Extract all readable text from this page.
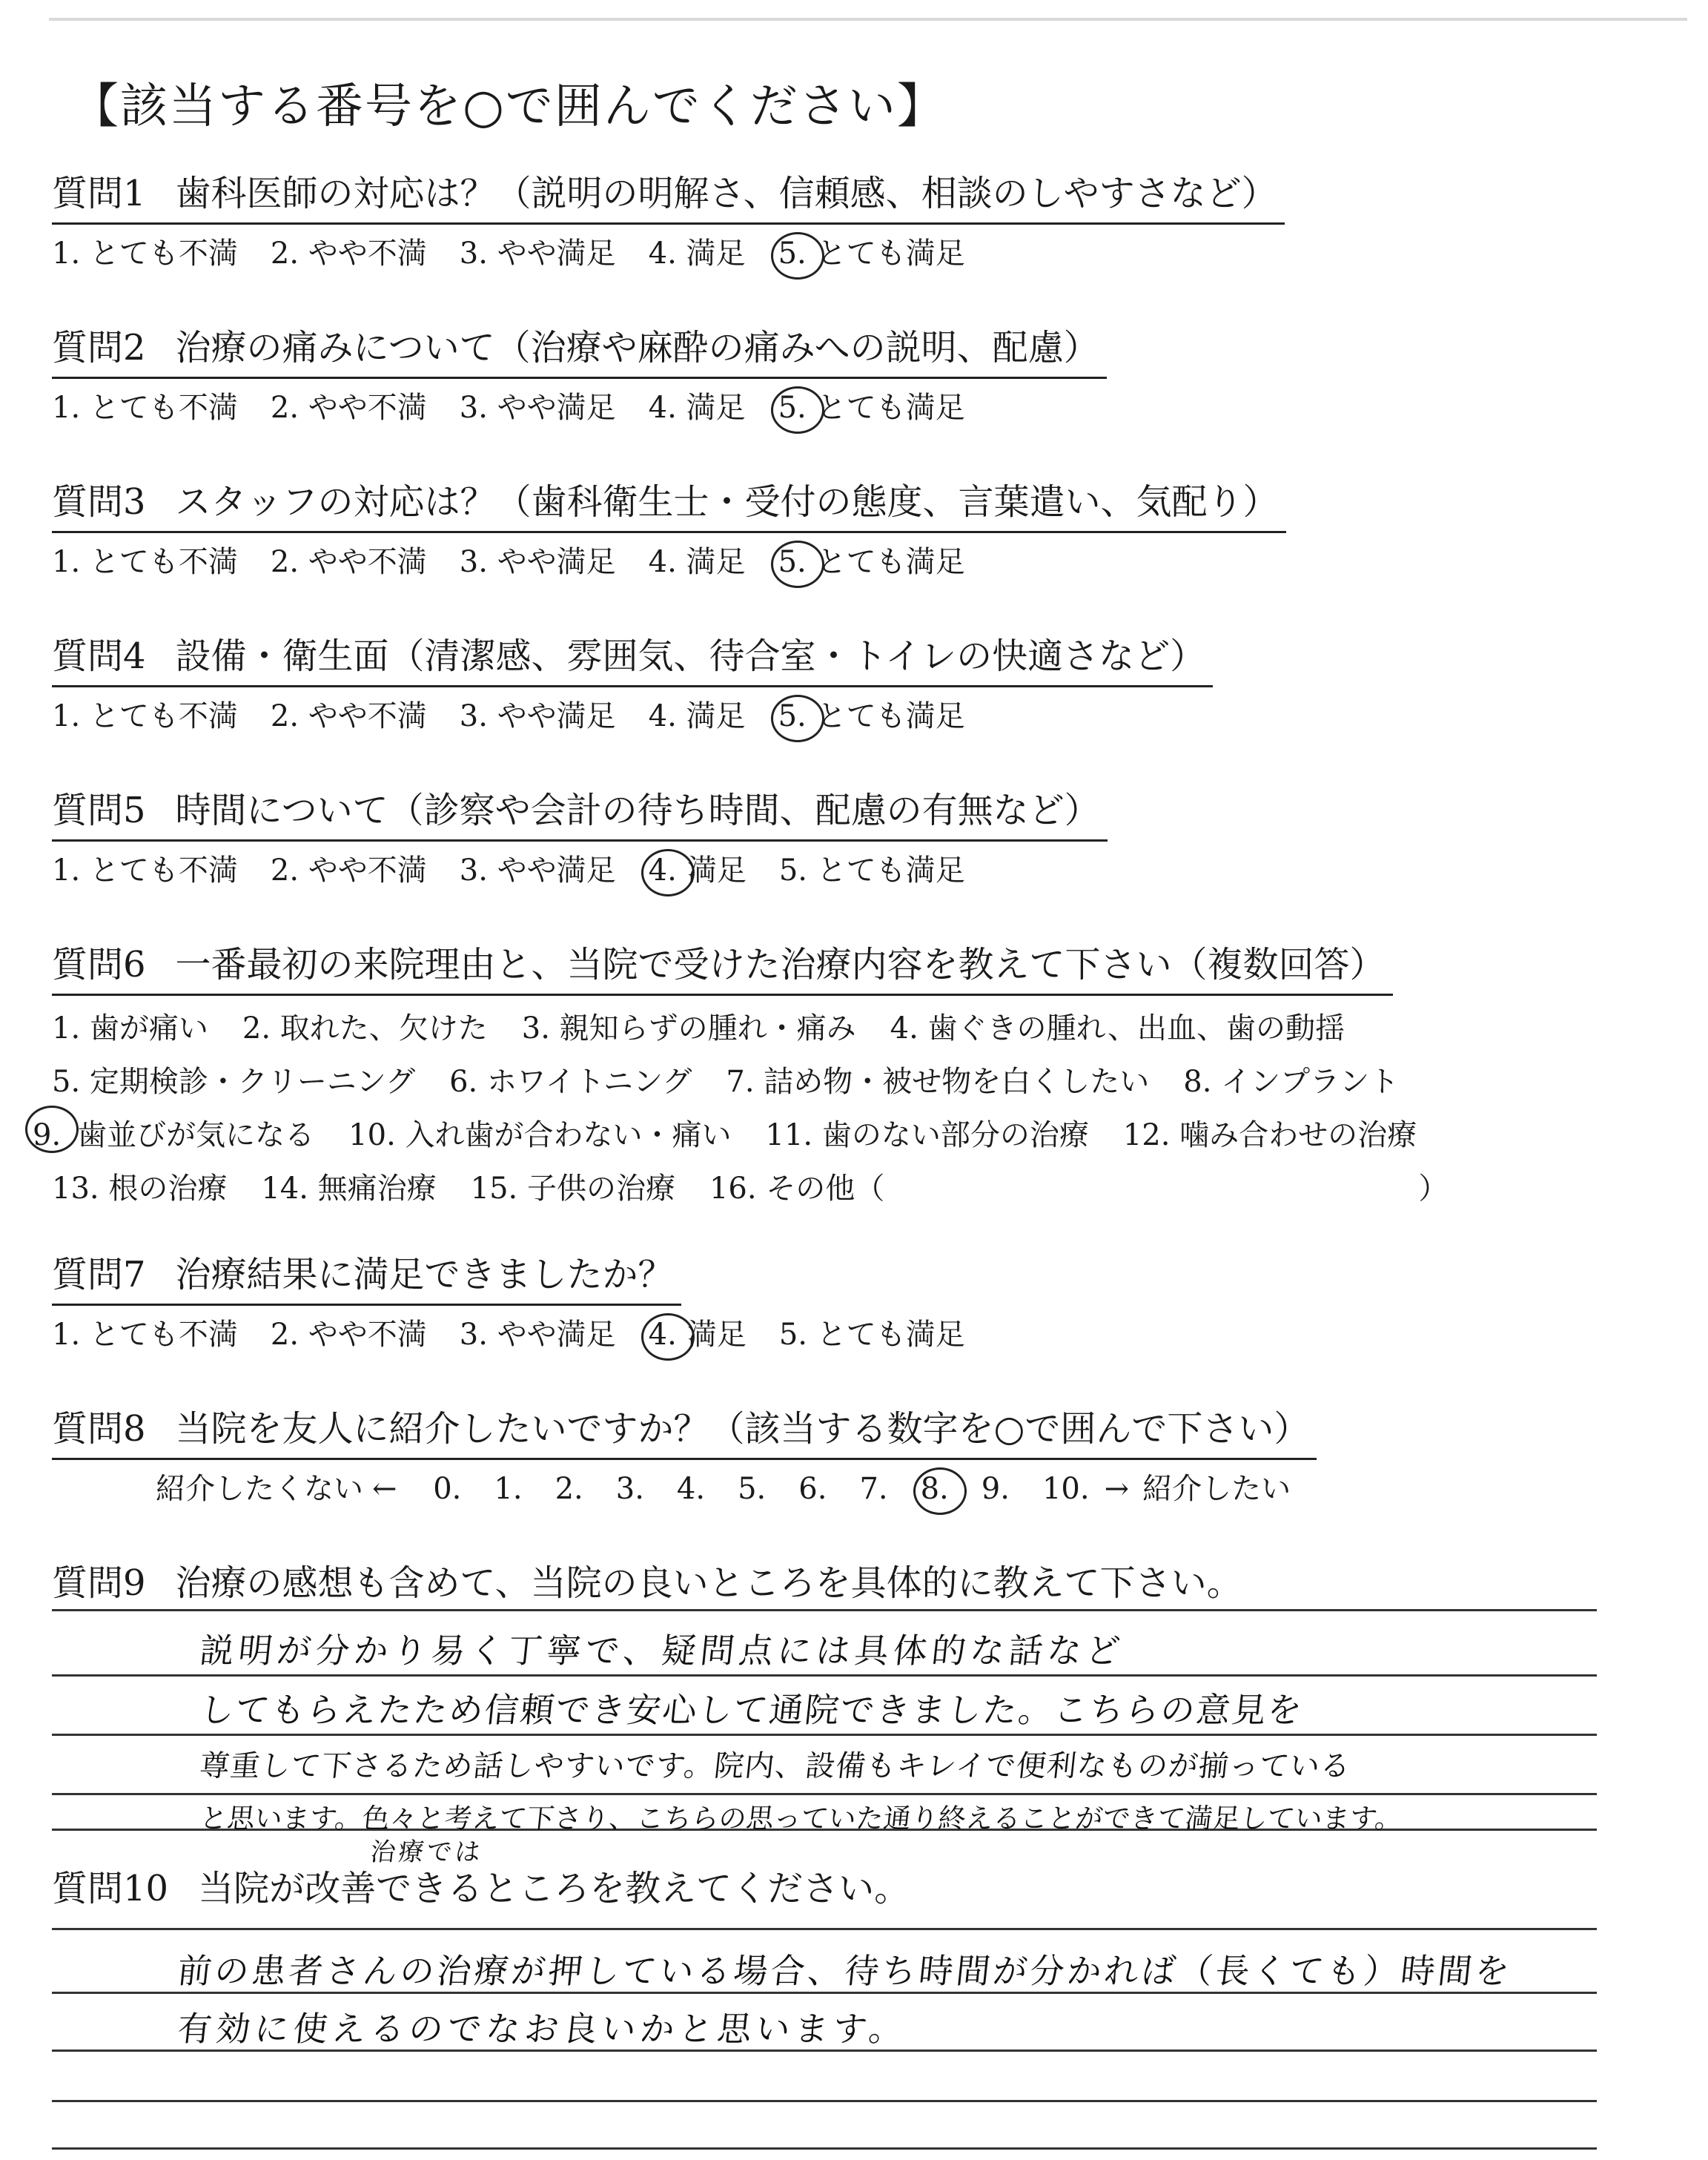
【該当する番号を○で囲んでください】
質問1 歯科医師の対応は？（説明の明解さ、信頼感、相談のしやすさなど）
1. とても不満 2. やや不満 3. やや満足 4. 満足 5. とても満足
質問2 治療の痛みについて（治療や麻酔の痛みへの説明、配慮）
1. とても不満 2. やや不満 3. やや満足 4. 満足 5. とても満足
質問3 スタッフの対応は？（歯科衛生士・受付の態度、言葉遣い、気配り）
1. とても不満 2. やや不満 3. やや満足 4. 満足 5. とても満足
質問4 設備・衛生面（清潔感、雰囲気、待合室・トイレの快適さなど）
1. とても不満 2. やや不満 3. やや満足 4. 満足 5. とても満足
質問5 時間について（診察や会計の待ち時間、配慮の有無など）
1. とても不満 2. やや不満 3. やや満足 4. 満足 5. とても満足
質問6 一番最初の来院理由と、当院で受けた治療内容を教えて下さい（複数回答）
1. 歯が痛い 2. 取れた、欠けた 3. 親知らずの腫れ・痛み 4. 歯ぐきの腫れ、出血、歯の動揺
5. 定期検診・クリーニング 6. ホワイトニング 7. 詰め物・被せ物を白くしたい 8. インプラント
9. 歯並びが気になる 10. 入れ歯が合わない・痛い 11. 歯のない部分の治療 12. 噛み合わせの治療
13. 根の治療 14. 無痛治療 15. 子供の治療 16. その他（	）
質問7 治療結果に満足できましたか？
1. とても不満 2. やや不満 3. やや満足 4. 満足 5. とても満足
質問8 当院を友人に紹介したいですか？（該当する数字を○で囲んで下さい）
紹介したくない ← 0. 1. 2. 3. 4. 5. 6. 7. 8. 9. 10. → 紹介したい
質問9 治療の感想も含めて、当院の良いところを具体的に教えて下さい。
説明が分かり易く丁寧で、疑問点には具体的な話など
してもらえたため信頼でき安心して通院できました。こちらの意見を
尊重して下さるため話しやすいです。院内、設備もキレイで便利なものが揃っている
と思います。色々と考えて下さり、こちらの思っていた通り終えることができて満足しています。
治療では
質問10 当院が改善できるところを教えてください。
前の患者さんの治療が押している場合、待ち時間が分かれば（長くても）時間を
有効に使えるのでなお良いかと思います。
